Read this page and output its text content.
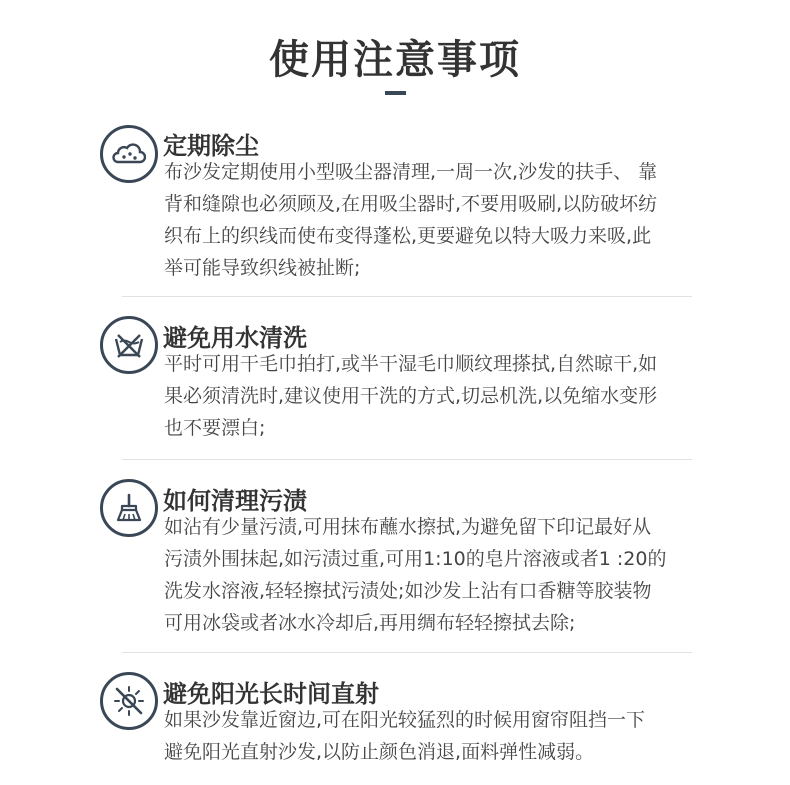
使用注意事项
定期除尘
布沙发定期使用小型吸尘器清理,一周一次,沙发的扶手、 靠
背和缝隙也必须顾及,在用吸尘器时,不要用吸刷,以防破坏纺
织布上的织线而使布变得蓬松,更要避免以特大吸力来吸,此
举可能导致织线被扯断;
避免用水清洗
平时可用干毛巾拍打,或半干湿毛巾顺纹理搽拭,自然晾干,如
果必须清洗时,建议使用干洗的方式,切忌机洗,以免缩水变形
也不要漂白;
如何清理污渍
如沾有少量污渍,可用抹布蘸水擦拭,为避免留下印记最好从
污渍外围抹起,如污渍过重,可用1:10的皂片溶液或者1 :20的
洗发水溶液,轻轻擦拭污渍处;如沙发上沾有口香糖等胶装物
可用冰袋或者冰水冷却后,再用绸布轻轻擦拭去除;
避免阳光长时间直射
如果沙发靠近窗边,可在阳光较猛烈的时候用窗帘阻挡一下
避免阳光直射沙发,以防止颜色消退,面料弹性减弱。
